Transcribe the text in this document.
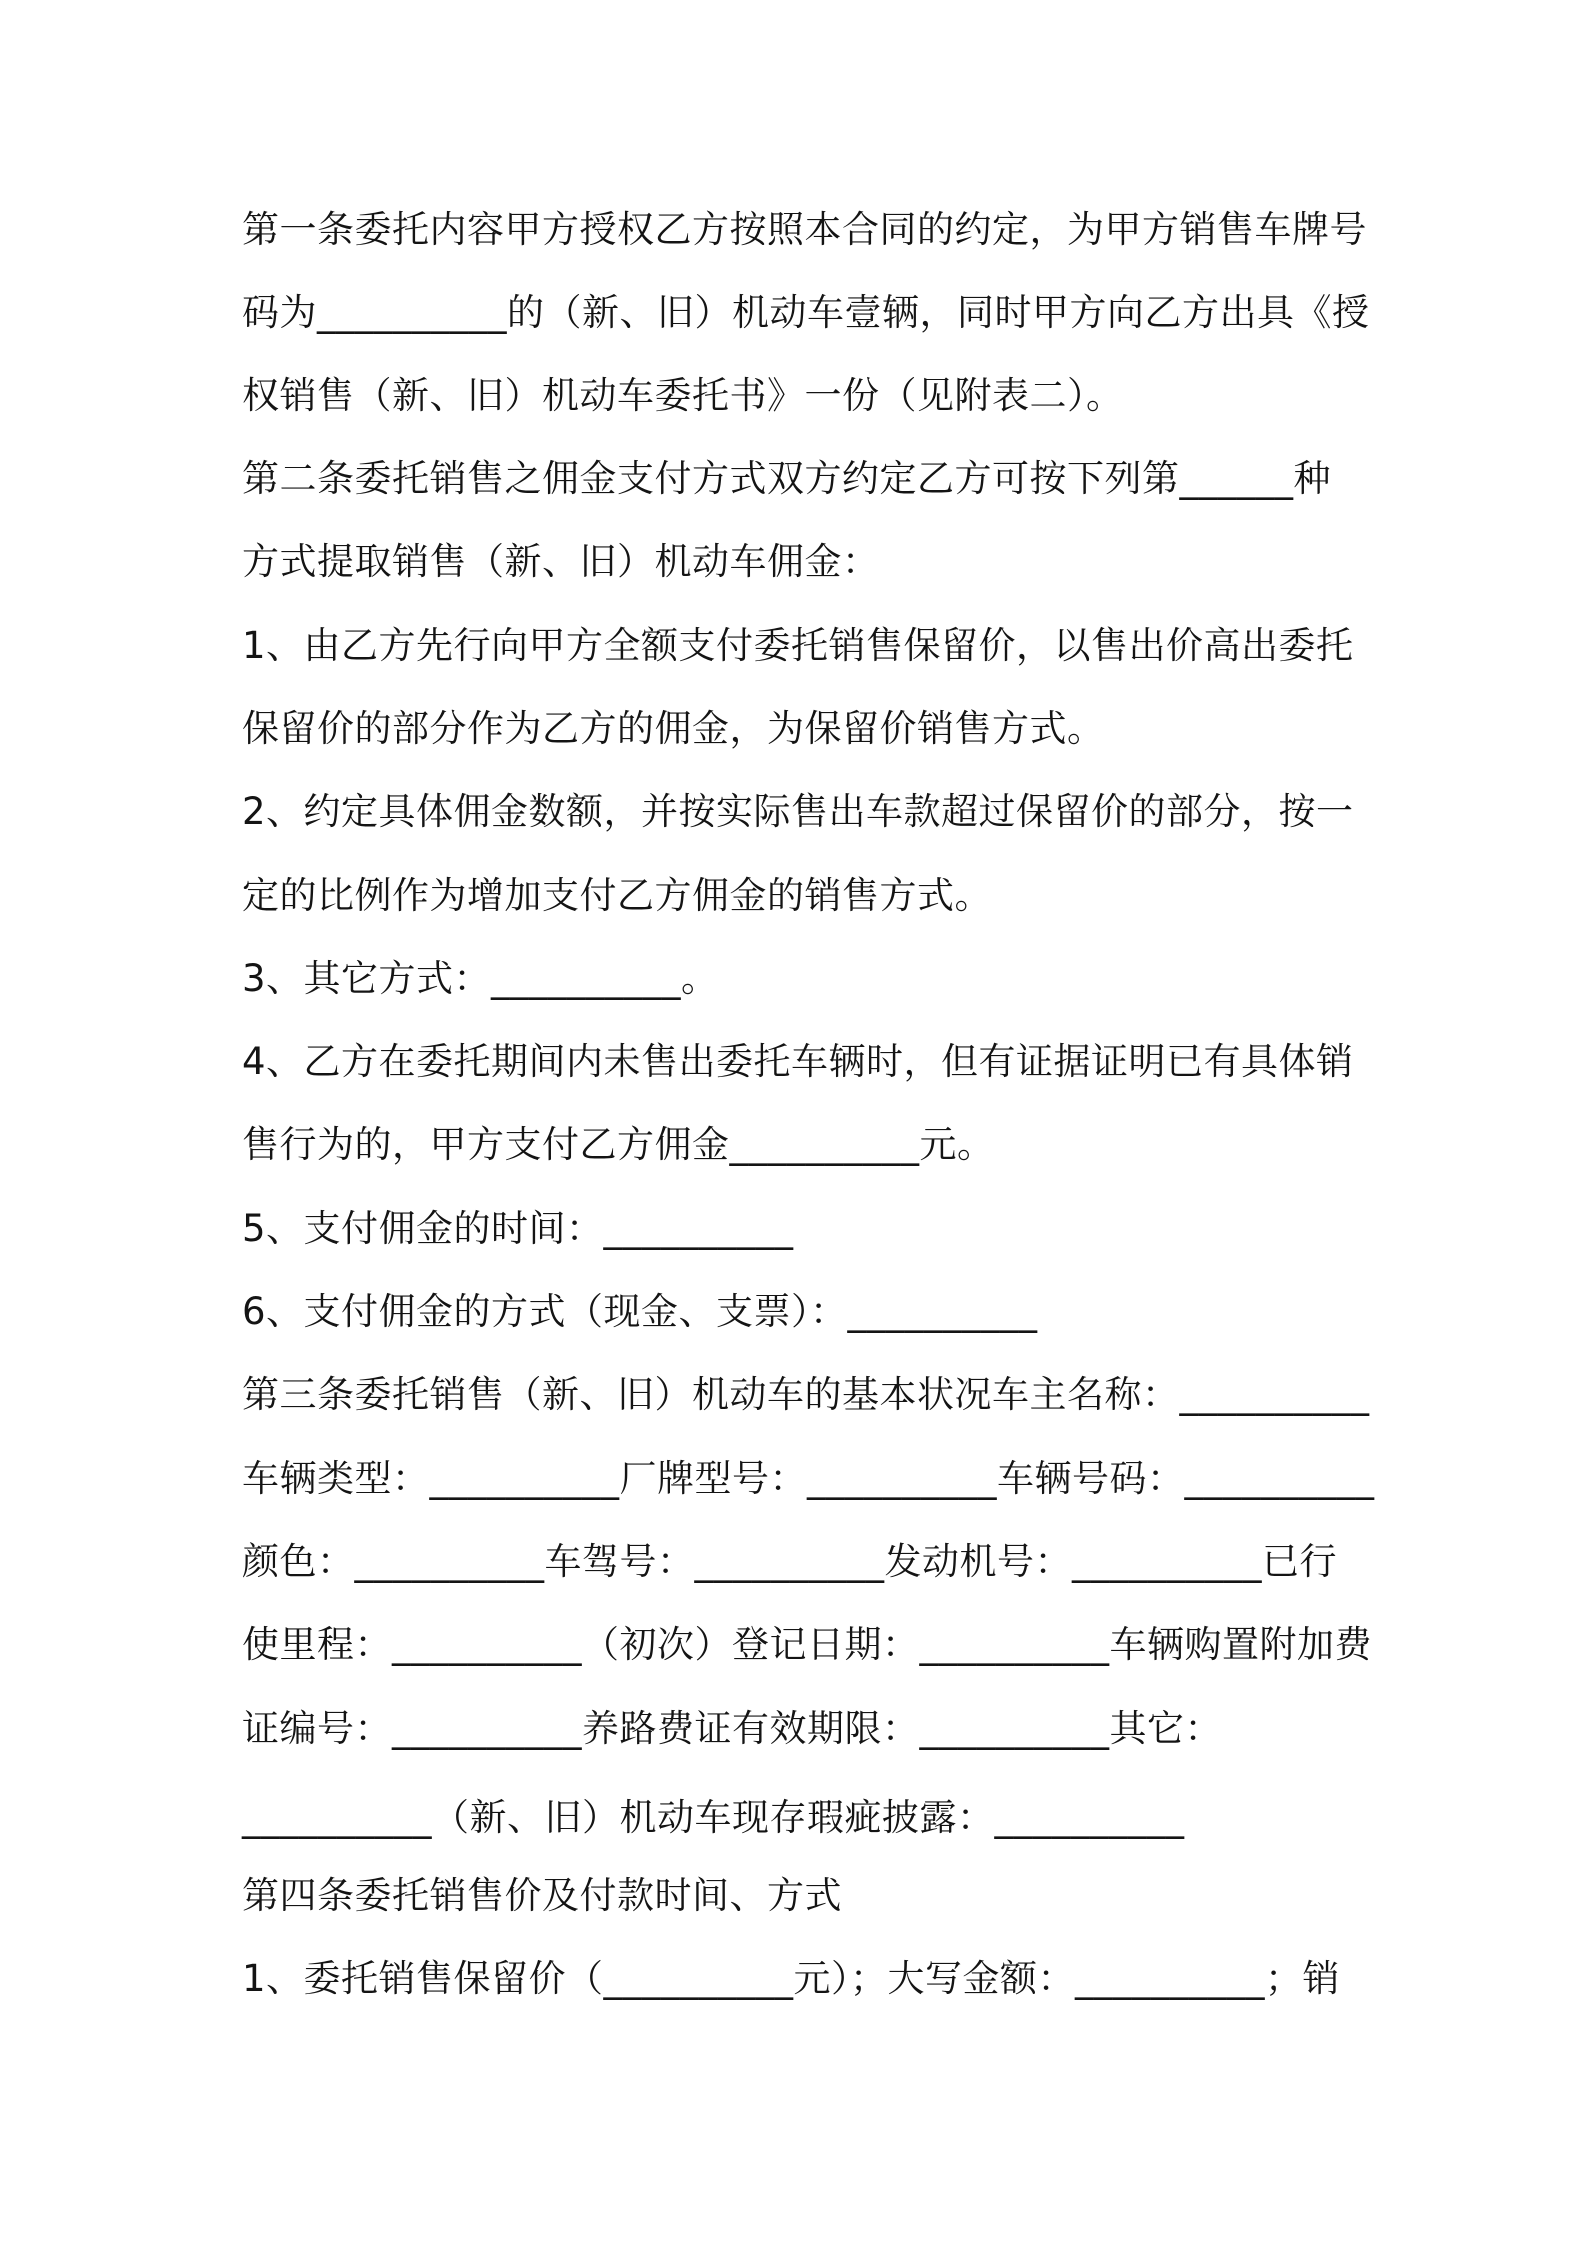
第一条委托内容甲方授权乙方按照本合同的约定，为甲方销售车牌号
码为__________的（新、旧）机动车壹辆，同时甲方向乙方出具《授
权销售（新、旧）机动车委托书》一份（见附表二）。
第二条委托销售之佣金支付方式双方约定乙方可按下列第______种
方式提取销售（新、旧）机动车佣金：
1、由乙方先行向甲方全额支付委托销售保留价，以售出价高出委托
保留价的部分作为乙方的佣金，为保留价销售方式。
2、约定具体佣金数额，并按实际售出车款超过保留价的部分，按一
定的比例作为增加支付乙方佣金的销售方式。
3、其它方式：__________。
4、乙方在委托期间内未售出委托车辆时，但有证据证明已有具体销
售行为的，甲方支付乙方佣金__________元。
5、支付佣金的时间：__________
6、支付佣金的方式（现金、支票）：__________
第三条委托销售（新、旧）机动车的基本状况车主名称：__________
车辆类型：__________厂牌型号：__________车辆号码：__________
颜色：__________车驾号：__________发动机号：__________已行
使里程：__________（初次）登记日期：__________车辆购置附加费
证编号：__________养路费证有效期限：__________其它：
__________（新、旧）机动车现存瑕疵披露：__________
第四条委托销售价及付款时间、方式
1、委托销售保留价（__________元）；大写金额：__________；销
